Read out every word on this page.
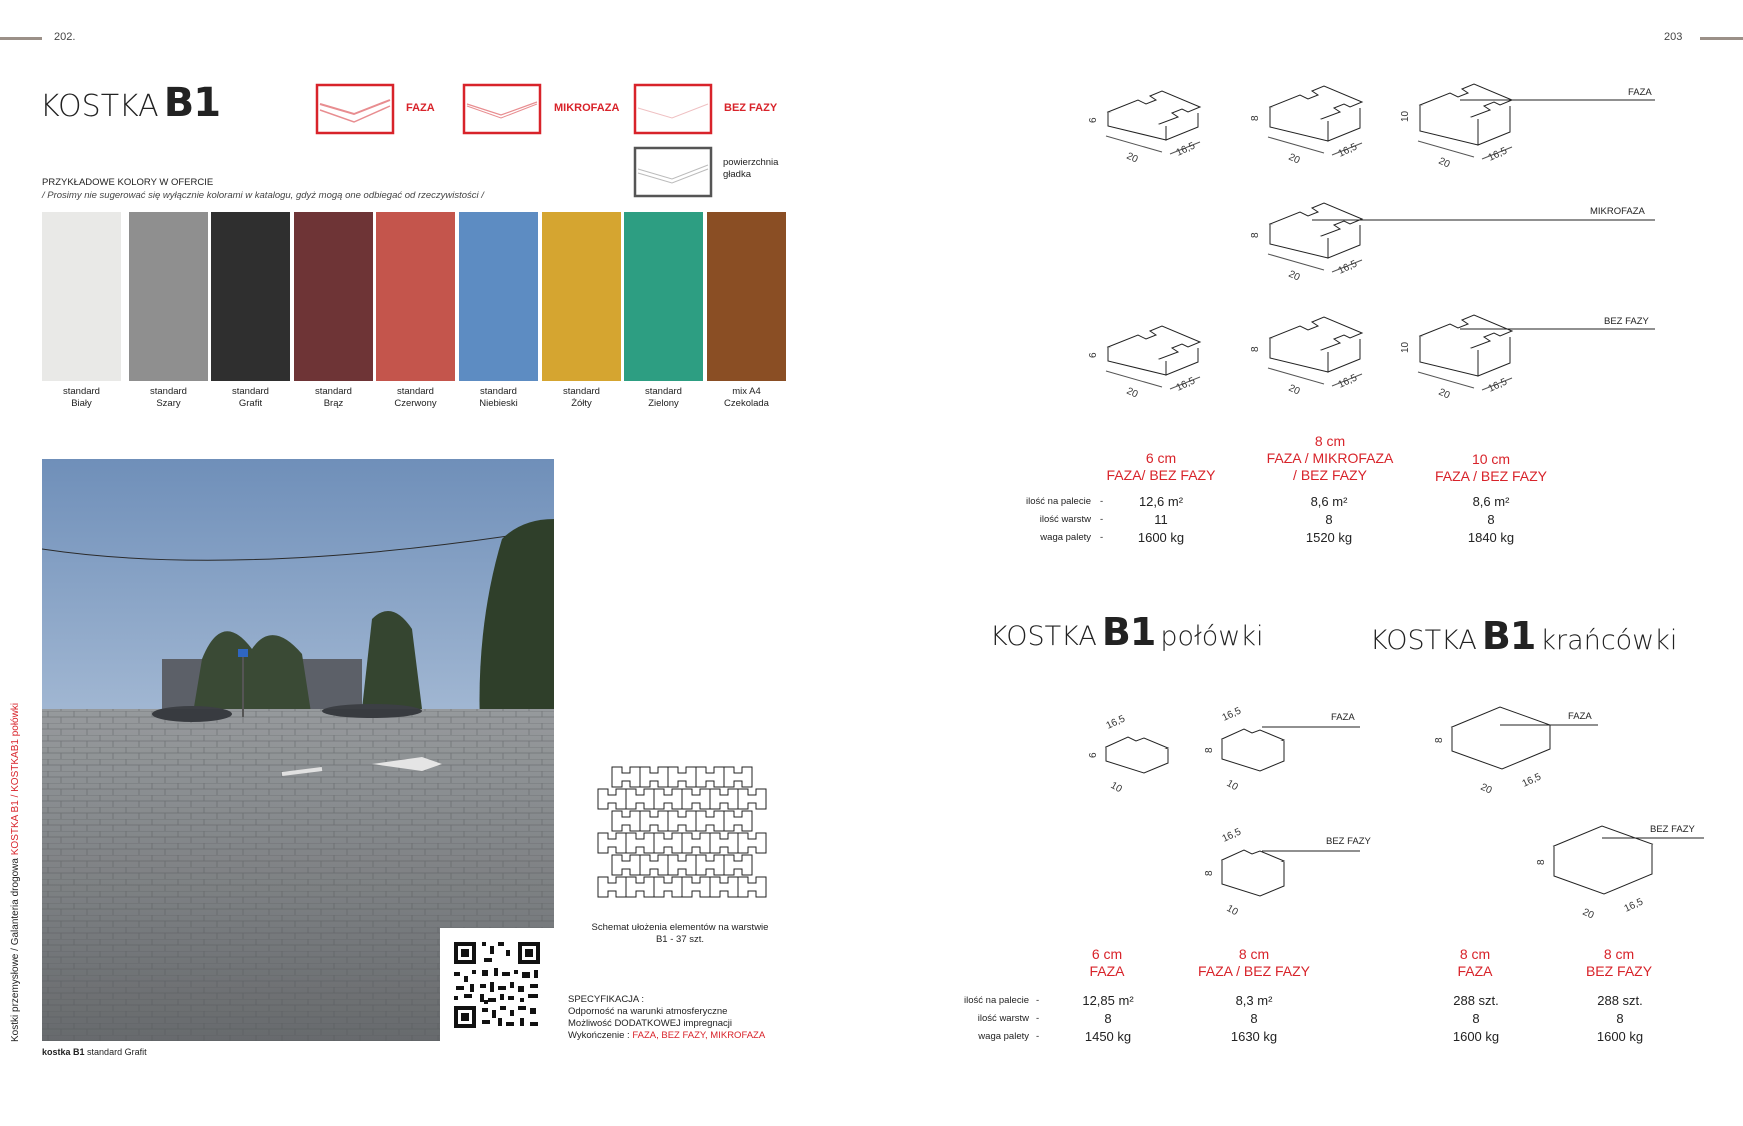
202.	203
KOSTKA B1	FAZA	MIKROFAZA	BEZ FAZY
powierzchnia
gładka
PRZYKŁADOWE KOLORY W OFERCIE
/ Prosimy nie sugerować się wyłącznie kolorami w katalogu, gdyż mogą one odbiegać od rzeczywistości /
standard
Biały
standard
Szary
standard
Grafit
standard
Brąz
standard
Czerwony
standard
Niebieski
standard
Żółty
standard
Zielony
mix A4
Czekolada
Kostki przemysłowe / Galanteria drogowa KOSTKA B1 / KOSTKAB1 połówki
kostka B1 standard Grafit
Schemat ułożenia elementów na warstwie
B1 - 37 szt.
SPECYFIKACJA :
Odporność na warunki atmosferyczne
Możliwość DODATKOWEJ impregnacji
Wykończenie : FAZA, BEZ FAZY, MIKROFAZA
6
20	16,5
8
20	16,5
10
20	16,5
8
20	16,5
6
20	16,5
8
20	16,5
10
20	16,5
6
16,5
10
8
16,5
10
8
16,5
10
8
20	16,5
8
20	16,5
FAZA
MIKROFAZA
BEZ FAZY
6 cm
FAZA/ BEZ FAZY
8 cm
FAZA / MIKROFAZA
/ BEZ FAZY
10 cm
FAZA / BEZ FAZY
ilość na palecie -	12,6 m²	8,6 m²	8,6 m²
ilość warstw -	11	8	8
waga palety -	1600 kg	1520 kg	1840 kg
KOSTKA B1 połówki	KOSTKA B1 krańcówki
FAZA
BEZ FAZY
FAZA
BEZ FAZY
6 cm
FAZA
8 cm
FAZA / BEZ FAZY
8 cm
FAZA
8 cm
BEZ FAZY
ilość na palecie -	12,85 m²	8,3 m²	288 szt.	288 szt.
ilość warstw -	8	8	8	8
waga palety -	1450 kg	1630 kg	1600 kg	1600 kg
